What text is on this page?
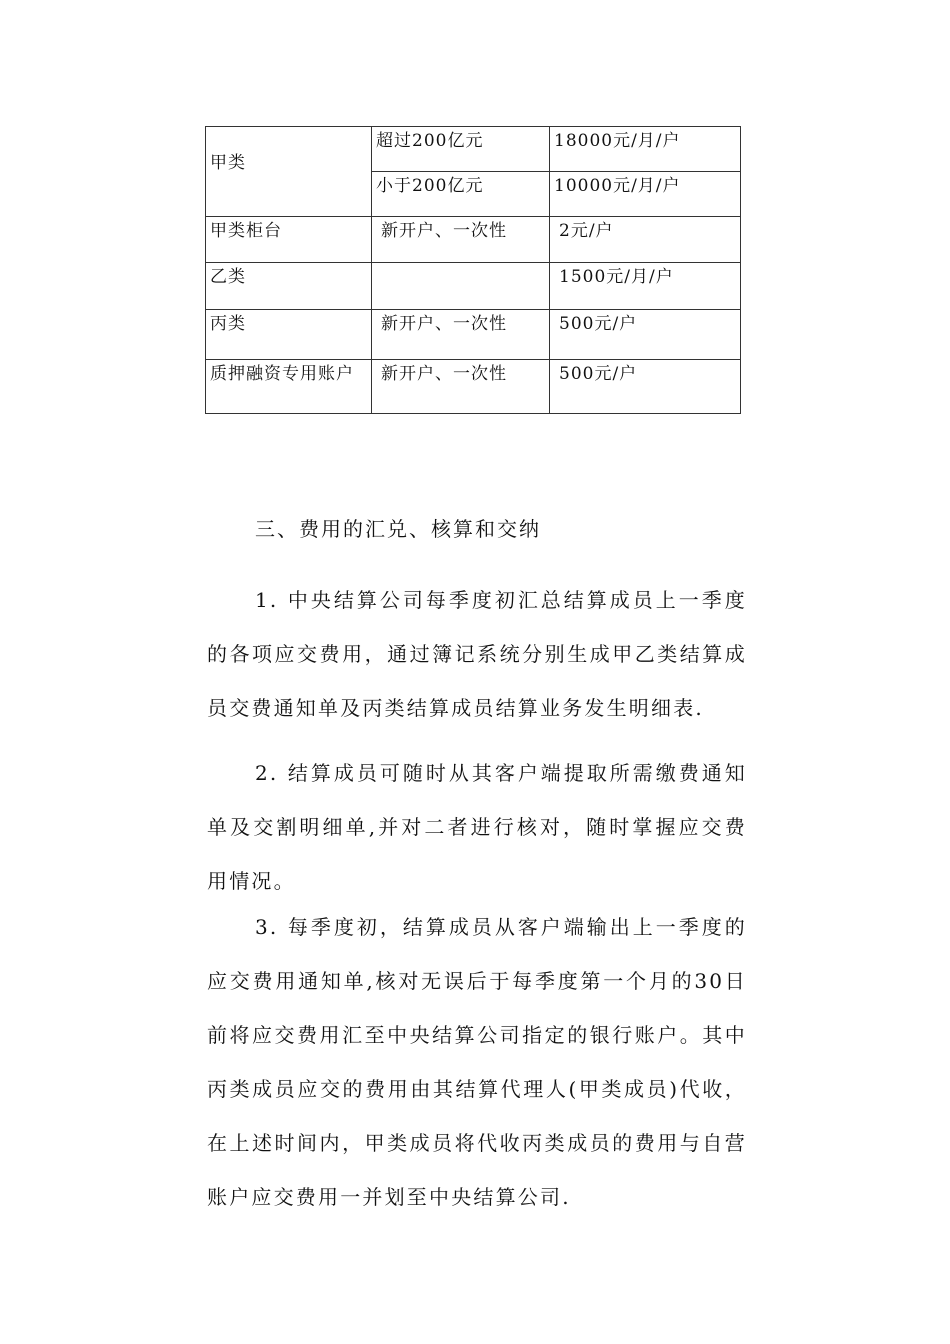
甲类	超过200亿元	18000元/月/户
	小于200亿元	10000元/月/户
甲类柜台	新开户、一次性	2元/户
乙类		1500元/月/户
丙类	新开户、一次性	500元/户
质押融资专用账户	新开户、一次性	500元/户
三、费用的汇兑、核算和交纳

1. 中央结算公司每季度初汇总结算成员上一季度的各项应交费用，通过簿记系统分别生成甲乙类结算成员交费通知单及丙类结算成员结算业务发生明细表.

2. 结算成员可随时从其客户端提取所需缴费通知单及交割明细单,并对二者进行核对，随时掌握应交费用情况。

3. 每季度初，结算成员从客户端输出上一季度的应交费用通知单,核对无误后于每季度第一个月的30日前将应交费用汇至中央结算公司指定的银行账户。其中丙类成员应交的费用由其结算代理人(甲类成员)代收，在上述时间内，甲类成员将代收丙类成员的费用与自营账户应交费用一并划至中央结算公司.
